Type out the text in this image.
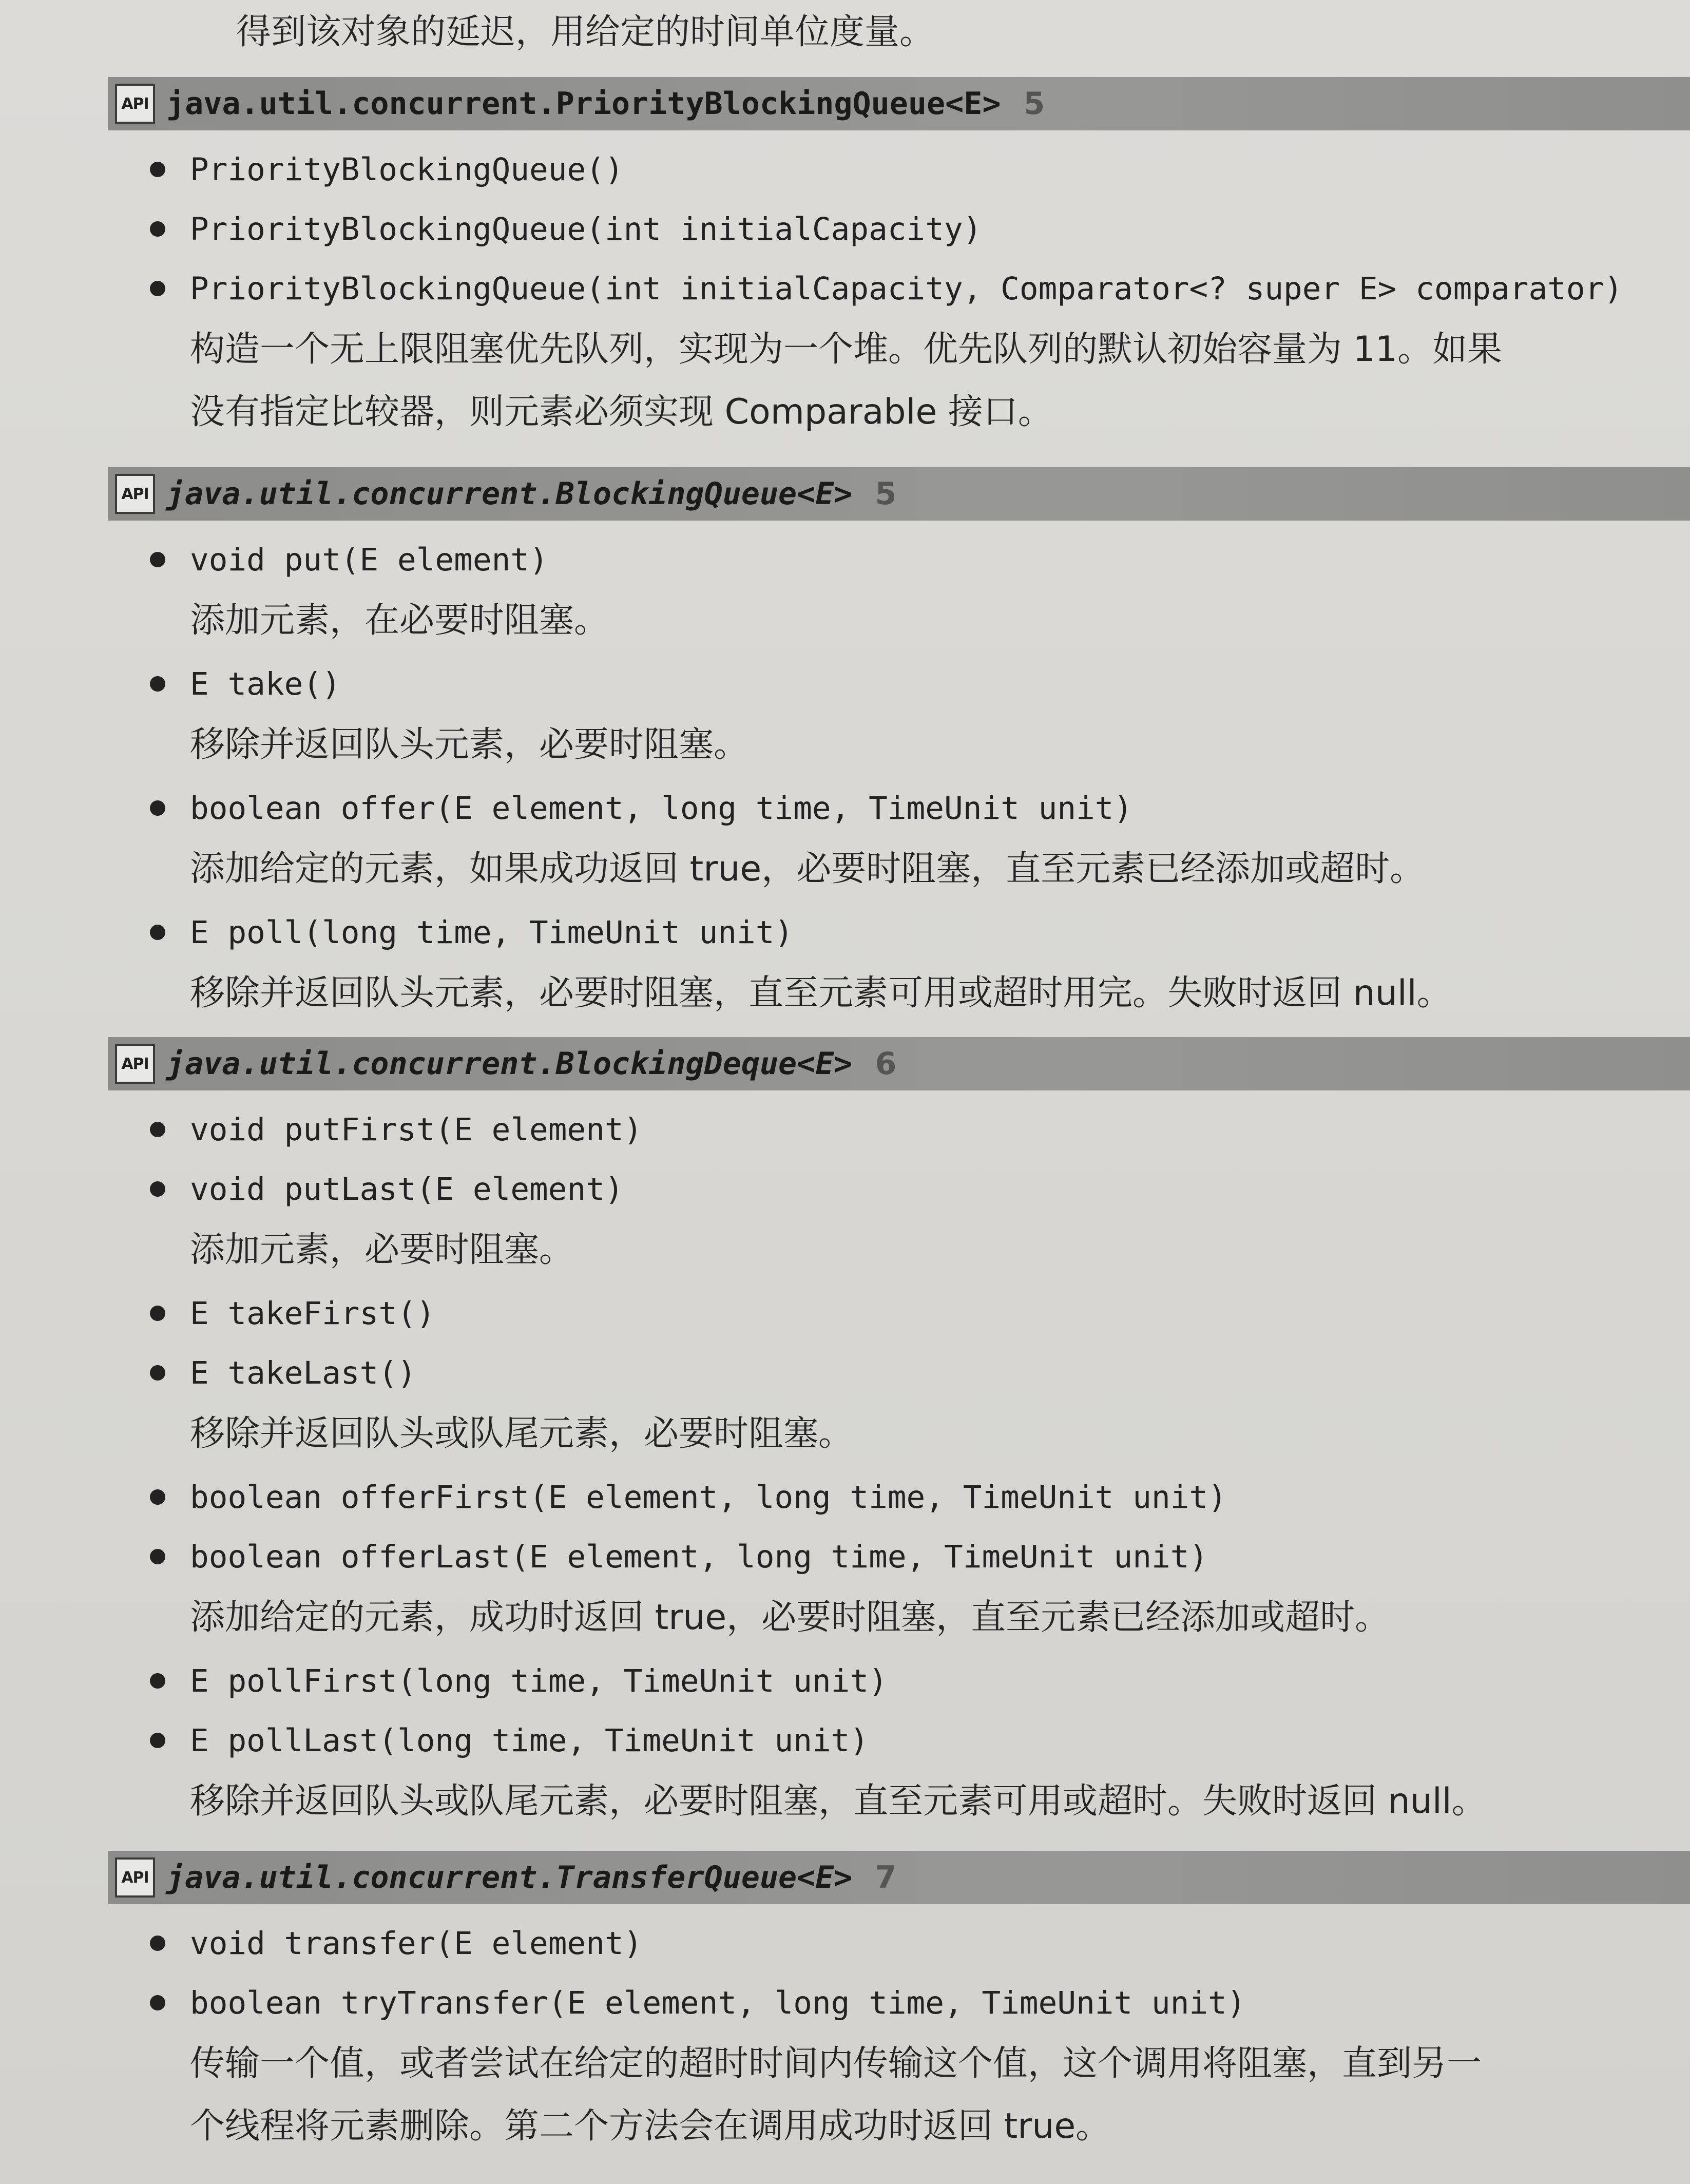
得到该对象的延迟，用给定的时间单位度量。
API java.util.concurrent.PriorityBlockingQueue<E> 5
PriorityBlockingQueue()
PriorityBlockingQueue(int initialCapacity)
PriorityBlockingQueue(int initialCapacity, Comparator<? super E> comparator)
构造一个无上限阻塞优先队列，实现为一个堆。优先队列的默认初始容量为 11。如果
没有指定比较器，则元素必须实现 Comparable 接口。
API java.util.concurrent.BlockingQueue<E> 5
void put(E element)
添加元素，在必要时阻塞。
E take()
移除并返回队头元素，必要时阻塞。
boolean offer(E element, long time, TimeUnit unit)
添加给定的元素，如果成功返回 true，必要时阻塞，直至元素已经添加或超时。
E poll(long time, TimeUnit unit)
移除并返回队头元素，必要时阻塞，直至元素可用或超时用完。失败时返回 null。
API java.util.concurrent.BlockingDeque<E> 6
void putFirst(E element)
void putLast(E element)
添加元素，必要时阻塞。
E takeFirst()
E takeLast()
移除并返回队头或队尾元素，必要时阻塞。
boolean offerFirst(E element, long time, TimeUnit unit)
boolean offerLast(E element, long time, TimeUnit unit)
添加给定的元素，成功时返回 true，必要时阻塞，直至元素已经添加或超时。
E pollFirst(long time, TimeUnit unit)
E pollLast(long time, TimeUnit unit)
移除并返回队头或队尾元素，必要时阻塞，直至元素可用或超时。失败时返回 null。
API java.util.concurrent.TransferQueue<E> 7
void transfer(E element)
boolean tryTransfer(E element, long time, TimeUnit unit)
传输一个值，或者尝试在给定的超时时间内传输这个值，这个调用将阻塞，直到另一
个线程将元素删除。第二个方法会在调用成功时返回 true。
